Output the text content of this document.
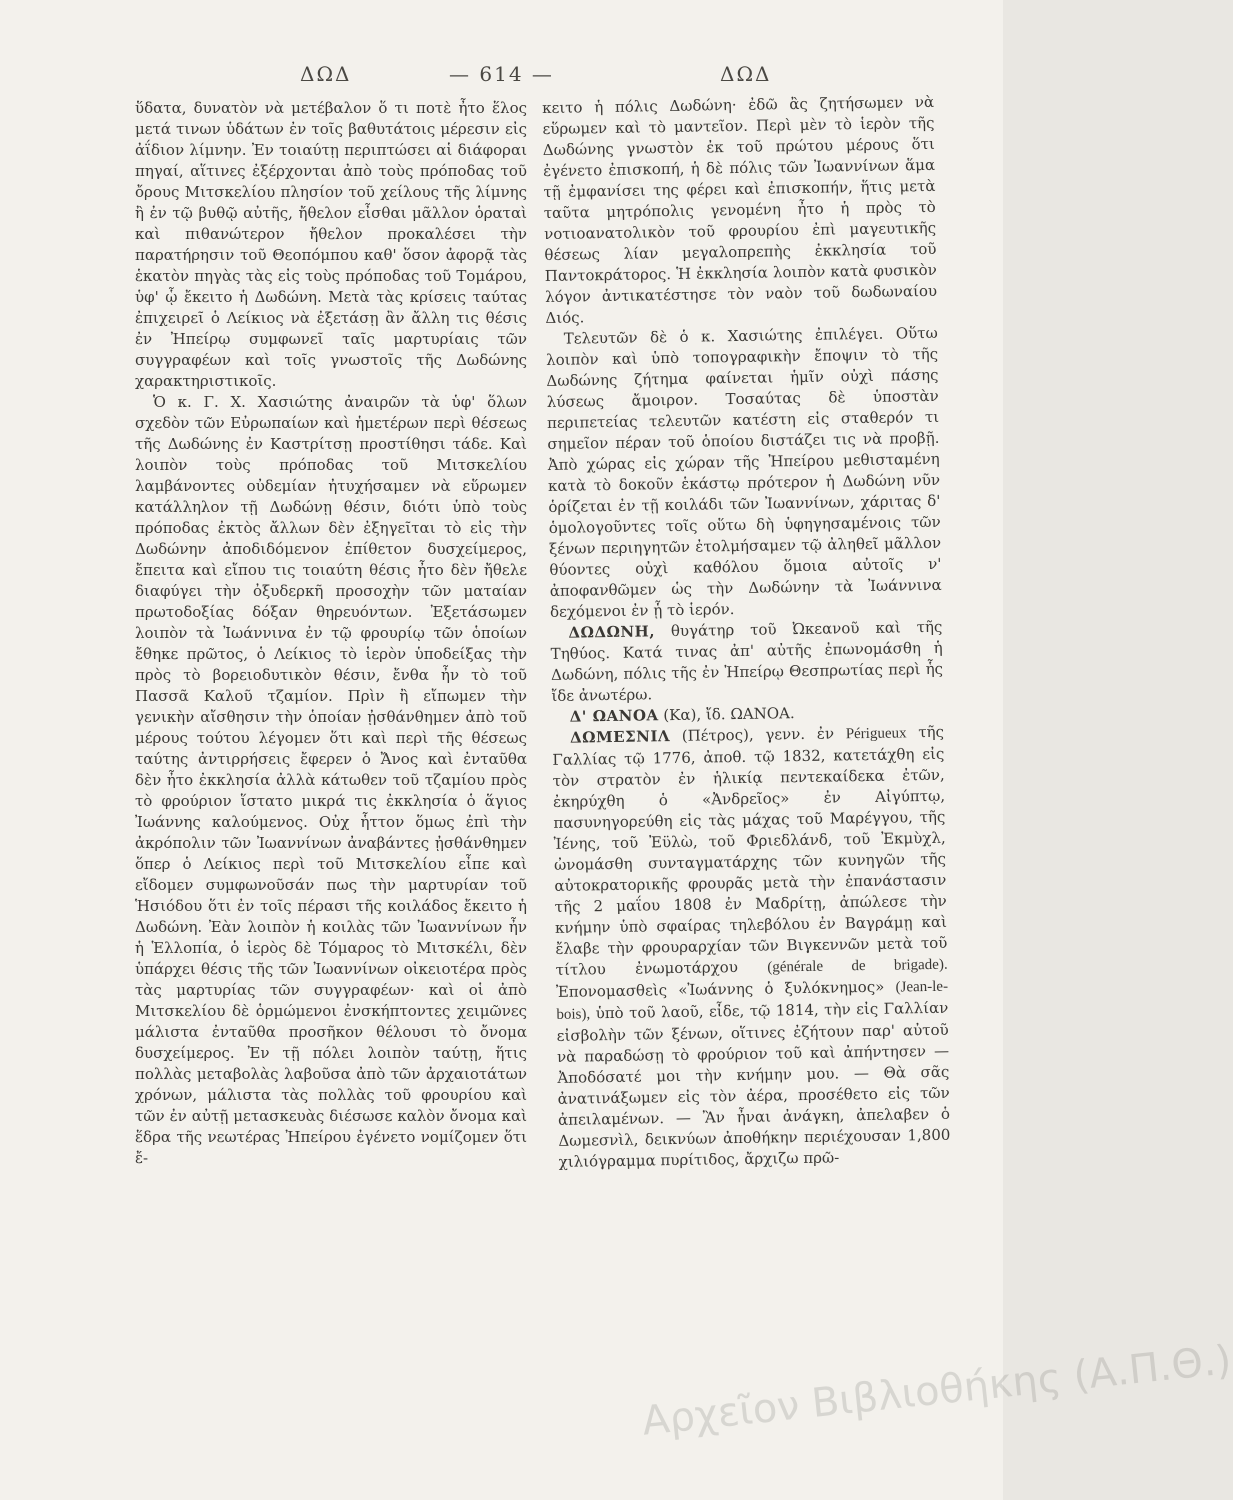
ΔΩΔ	— 614 —	ΔΩΔ

ὕδατα, δυνατὸν νὰ μετέβαλον ὅ τι ποτὲ ἦτο ἕλος μετά τινων ὑδάτων ἐν τοῖς βαθυτάτοις μέρεσιν εἰς ἀΐδιον λίμνην. Ἐν τοιαύτῃ περιπτώσει αἱ διάφοραι πηγαί, αἵτινες ἐξέρχονται ἀπὸ τοὺς πρόποδας τοῦ ὄρους Μιτσκελίου πλησίον τοῦ χείλους τῆς λίμνης ἢ ἐν τῷ βυθῷ αὐτῆς, ἤθελον εἶσθαι μᾶλλον ὁραταὶ καὶ πιθανώτερον ἤθελον προκαλέσει τὴν παρατήρησιν τοῦ Θεοπόμπου καθ' ὅσον ἀφορᾷ τὰς ἑκατὸν πηγὰς τὰς εἰς τοὺς πρόποδας τοῦ Τομάρου, ὑφ' ᾧ ἔκειτο ἡ Δωδώνη. Μετὰ τὰς κρίσεις ταύτας ἐπιχειρεῖ ὁ Λείκιος νὰ ἐξετάσῃ ἂν ἄλλη τις θέσις ἐν Ἠπείρῳ συμφωνεῖ ταῖς μαρτυρίαις τῶν συγγραφέων καὶ τοῖς γνωστοῖς τῆς Δωδώνης χαρακτηριστικοῖς.

Ὁ κ. Γ. Χ. Χασιώτης ἀναιρῶν τὰ ὑφ' ὅλων σχεδὸν τῶν Εὐρωπαίων καὶ ἡμετέρων περὶ θέσεως τῆς Δωδώνης ἐν Καστρίτσῃ προστίθησι τάδε. Καὶ λοιπὸν τοὺς πρόποδας τοῦ Μιτσκελίου λαμβάνοντες οὐδεμίαν ἠτυχήσαμεν νὰ εὕρωμεν κατάλληλον τῇ Δωδώνῃ θέσιν, διότι ὑπὸ τοὺς πρόποδας ἐκτὸς ἄλλων δὲν ἐξηγεῖται τὸ εἰς τὴν Δωδώνην ἀποδιδόμενον ἐπίθετον δυσχείμερος, ἔπειτα καὶ εἴπου τις τοιαύτη θέσις ἦτο δὲν ἤθελε διαφύγει τὴν ὀξυδερκῆ προσοχὴν τῶν ματαίαν πρωτοδοξίας δόξαν θηρευόντων. Ἐξετάσωμεν λοιπὸν τὰ Ἰωάννινα ἐν τῷ φρουρίῳ τῶν ὁποίων ἔθηκε πρῶτος, ὁ Λείκιος τὸ ἱερὸν ὑποδείξας τὴν πρὸς τὸ βορειοδυτικὸν θέσιν, ἔνθα ἦν τὸ τοῦ Πασσᾶ Καλοῦ τζαμίον. Πρὶν ἢ εἴπωμεν τὴν γενικὴν αἴσθησιν τὴν ὁποίαν ᾐσθάνθημεν ἀπὸ τοῦ μέρους τούτου λέγομεν ὅτι καὶ περὶ τῆς θέσεως ταύτης ἀντιρρήσεις ἔφερεν ὁ Ἄνος καὶ ἐνταῦθα δὲν ἦτο ἐκκλησία ἀλλὰ κάτωθεν τοῦ τζαμίου πρὸς τὸ φρούριον ἵστατο μικρά τις ἐκκλησία ὁ ἅγιος Ἰωάννης καλούμενος. Οὐχ ἧττον ὅμως ἐπὶ τὴν ἀκρόπολιν τῶν Ἰωαννίνων ἀναβάντες ᾐσθάνθημεν ὅπερ ὁ Λείκιος περὶ τοῦ Μιτσκελίου εἶπε καὶ εἴδομεν συμφωνοῦσάν πως τὴν μαρτυρίαν τοῦ Ἡσιόδου ὅτι ἐν τοῖς πέρασι τῆς κοιλάδος ἔκειτο ἡ Δωδώνη. Ἐὰν λοιπὸν ἡ κοιλὰς τῶν Ἰωαννίνων ἦν ἡ Ἑλλοπία, ὁ ἱερὸς δὲ Τόμαρος τὸ Μιτσκέλι, δὲν ὑπάρχει θέσις τῆς τῶν Ἰωαννίνων οἰκειοτέρα πρὸς τὰς μαρτυρίας τῶν συγγραφέων· καὶ οἱ ἀπὸ Μιτσκελίου δὲ ὁρμώμενοι ἐνσκήπτοντες χειμῶνες μάλιστα ἐνταῦθα προσῆκον θέλουσι τὸ ὄνομα δυσχείμερος. Ἐν τῇ πόλει λοιπὸν ταύτῃ, ἥτις πολλὰς μεταβολὰς λαβοῦσα ἀπὸ τῶν ἀρχαιοτάτων χρόνων, μάλιστα τὰς πολλὰς τοῦ φρουρίου καὶ τῶν ἐν αὐτῇ μετασκευὰς διέσωσε καλὸν ὄνομα καὶ ἕδρα τῆς νεωτέρας Ἠπείρου ἐγένετο νομίζομεν ὅτι ἔ-

κειτο ἡ πόλις Δωδώνη· ἐδῶ ἂς ζητήσωμεν νὰ εὕρωμεν καὶ τὸ μαντεῖον. Περὶ μὲν τὸ ἱερὸν τῆς Δωδώνης γνωστὸν ἐκ τοῦ πρώτου μέρους ὅτι ἐγένετο ἐπισκοπή, ἡ δὲ πόλις τῶν Ἰωαννίνων ἅμα τῇ ἐμφανίσει της φέρει καὶ ἐπισκοπήν, ἥτις μετὰ ταῦτα μητρόπολις γενομένη ἦτο ἡ πρὸς τὸ νοτιοανατολικὸν τοῦ φρουρίου ἐπὶ μαγευτικῆς θέσεως λίαν μεγαλοπρεπὴς ἐκκλησία τοῦ Παντοκράτορος. Ἡ ἐκκλησία λοιπὸν κατὰ φυσικὸν λόγον ἀντικατέστησε τὸν ναὸν τοῦ δωδωναίου Διός.

Τελευτῶν δὲ ὁ κ. Χασιώτης ἐπιλέγει. Οὕτω λοιπὸν καὶ ὑπὸ τοπογραφικὴν ἔποψιν τὸ τῆς Δωδώνης ζήτημα φαίνεται ἡμῖν οὐχὶ πάσης λύσεως ἄμοιρον. Τοσαύτας δὲ ὑποστὰν περιπετείας τελευτῶν κατέστη εἰς σταθερόν τι σημεῖον πέραν τοῦ ὁποίου διστάζει τις νὰ προβῇ. Ἀπὸ χώρας εἰς χώραν τῆς Ἠπείρου μεθισταμένη κατὰ τὸ δοκοῦν ἑκάστῳ πρότερον ἡ Δωδώνη νῦν ὁρίζεται ἐν τῇ κοιλάδι τῶν Ἰωαννίνων, χάριτας δ' ὁμολογοῦντες τοῖς οὕτω δὴ ὑφηγησαμένοις τῶν ξένων περιηγητῶν ἐτολμήσαμεν τῷ ἀληθεῖ μᾶλλον θύοντες οὐχὶ καθόλου ὅμοια αὐτοῖς ν' ἀποφανθῶμεν ὡς τὴν Δωδώνην τὰ Ἰωάννινα δεχόμενοι ἐν ᾗ τὸ ἱερόν.

ΔΩΔΩΝΗ, θυγάτηρ τοῦ Ὠκεανοῦ καὶ τῆς Τηθύος. Κατά τινας ἀπ' αὐτῆς ἐπωνομάσθη ἡ Δωδώνη, πόλις τῆς ἐν Ἠπείρῳ Θεσπρωτίας περὶ ἧς ἴδε ἀνωτέρω.

Δ' ΩΑΝΟΑ (Κα), ἴδ. ΩΑΝΟΑ.

ΔΩΜΕΣΝΙΛ (Πέτρος), γενν. ἐν Périgueux τῆς Γαλλίας τῷ 1776, ἀποθ. τῷ 1832, κατετάχθη εἰς τὸν στρατὸν ἐν ἡλικίᾳ πεντεκαίδεκα ἐτῶν, ἐκηρύχθη ὁ «Ἀνδρεῖος» ἐν Αἰγύπτῳ, πασυνηγορεύθη εἰς τὰς μάχας τοῦ Μαρέγγου, τῆς Ἰένης, τοῦ Ἐϋλὼ, τοῦ Φριεδλάνδ, τοῦ Ἐκμὺχλ, ὠνομάσθη συνταγματάρχης τῶν κυνηγῶν τῆς αὐτοκρατορικῆς φρουρᾶς μετὰ τὴν ἐπανάστασιν τῆς 2 μαΐου 1808 ἐν Μαδρίτῃ, ἀπώλεσε τὴν κνήμην ὑπὸ σφαίρας τηλεβόλου ἐν Βαγράμῃ καὶ ἔλαβε τὴν φρουραρχίαν τῶν Βιγκεννῶν μετὰ τοῦ τίτλου ἐνωμοτάρχου (générale de brigade). Ἐπονομασθεὶς «Ἰωάννης ὁ ξυλόκνημος» (Jean-le-bois), ὑπὸ τοῦ λαοῦ, εἶδε, τῷ 1814, τὴν εἰς Γαλλίαν εἰσβολὴν τῶν ξένων, οἵτινες ἐζήτουν παρ' αὐτοῦ νὰ παραδώσῃ τὸ φρούριον τοῦ καὶ ἀπήντησεν — Ἀποδόσατέ μοι τὴν κνήμην μου. — Θὰ σᾶς ἀνατινάξωμεν εἰς τὸν ἀέρα, προσέθετο εἰς τῶν ἀπειλαμένων. — Ἂν ἦναι ἀνάγκη, ἀπελαβεν ὁ Δωμεσνὶλ, δεικνύων ἀποθήκην περιέχουσαν 1,800 χιλιόγραμμα πυρίτιδος, ἄρχιζω πρῶ-

Αρχεῖον Βιβλιοθήκης (Α.Π.Θ.)
